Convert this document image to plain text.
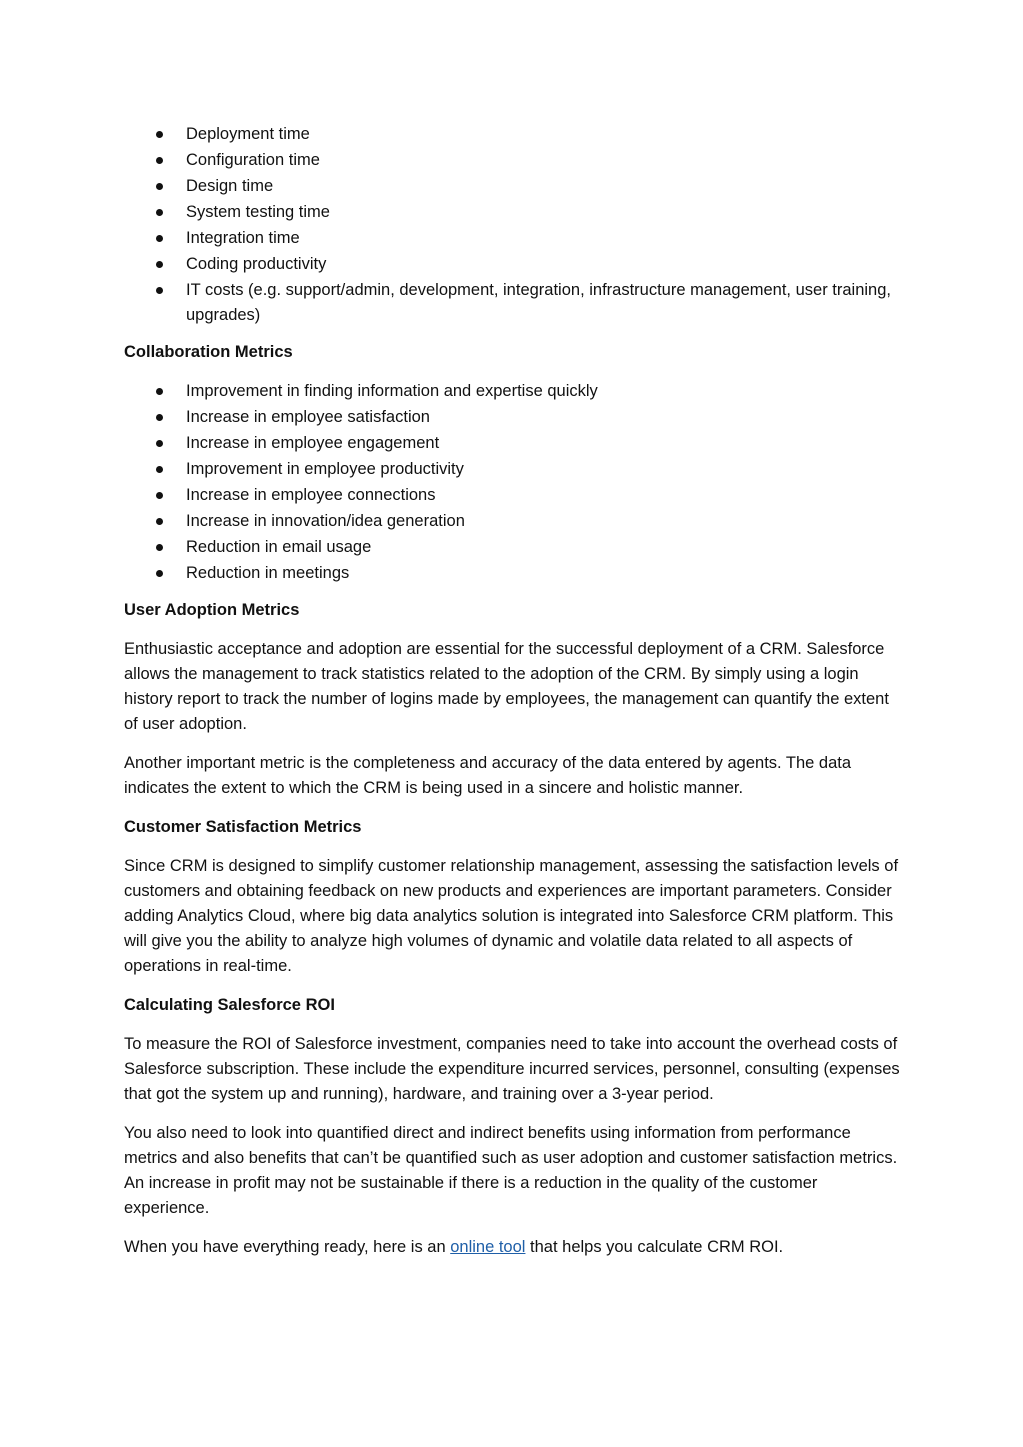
Deployment time
Configuration time
Design time
System testing time
Integration time
Coding productivity
IT costs (e.g. support/admin, development, integration, infrastructure management, user training, upgrades)
Collaboration Metrics
Improvement in finding information and expertise quickly
Increase in employee satisfaction
Increase in employee engagement
Improvement in employee productivity
Increase in employee connections
Increase in innovation/idea generation
Reduction in email usage
Reduction in meetings
User Adoption Metrics

Enthusiastic acceptance and adoption are essential for the successful deployment of a CRM. Salesforce allows the management to track statistics related to the adoption of the CRM. By simply using a login history report to track the number of logins made by employees, the management can quantify the extent of user adoption.

Another important metric is the completeness and accuracy of the data entered by agents. The data indicates the extent to which the CRM is being used in a sincere and holistic manner.

Customer Satisfaction Metrics

Since CRM is designed to simplify customer relationship management, assessing the satisfaction levels of customers and obtaining feedback on new products and experiences are important parameters. Consider adding Analytics Cloud, where big data analytics solution is integrated into Salesforce CRM platform. This will give you the ability to analyze high volumes of dynamic and volatile data related to all aspects of operations in real-time.

Calculating Salesforce ROI

To measure the ROI of Salesforce investment, companies need to take into account the overhead costs of Salesforce subscription. These include the expenditure incurred services, personnel, consulting (expenses that got the system up and running), hardware, and training over a 3-year period.

You also need to look into quantified direct and indirect benefits using information from performance metrics and also benefits that can’t be quantified such as user adoption and customer satisfaction metrics. An increase in profit may not be sustainable if there is a reduction in the quality of the customer experience.

When you have everything ready, here is an online tool that helps you calculate CRM ROI.
